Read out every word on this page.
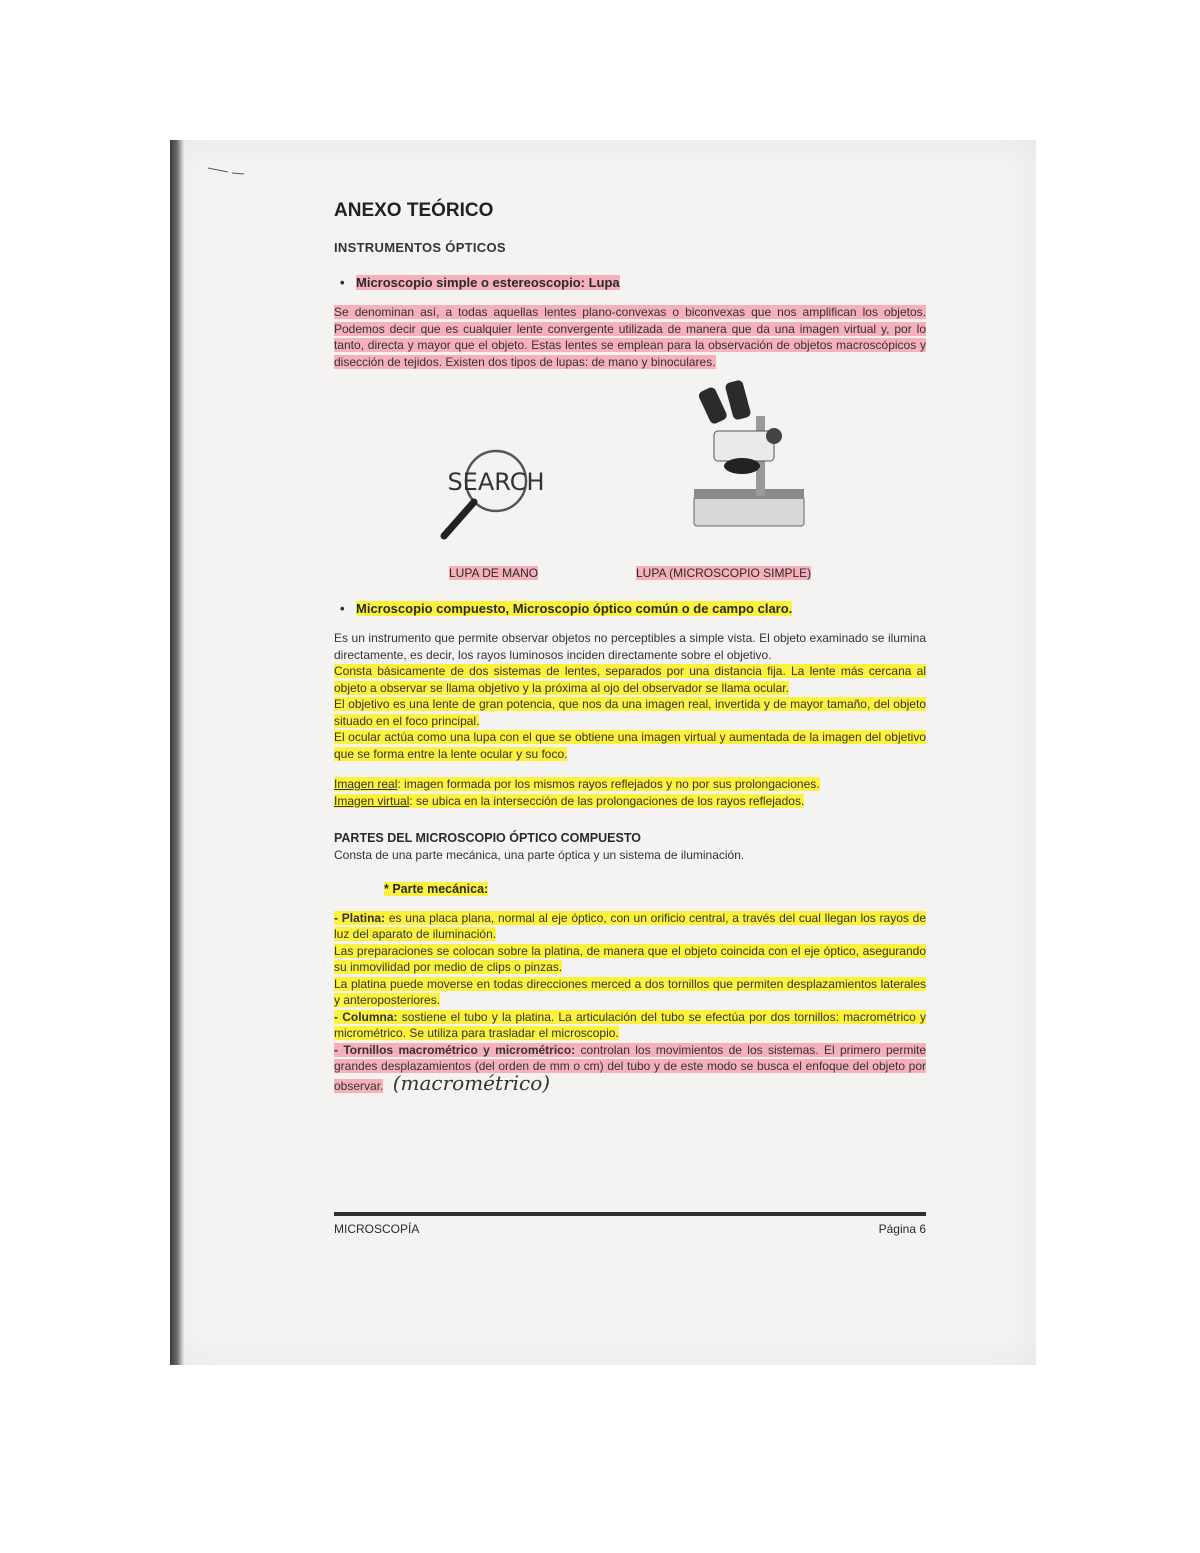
ANEXO TEÓRICO
INSTRUMENTOS ÓPTICOS
• Microscopio simple o estereoscopio: Lupa
Se denominan así, a todas aquellas lentes plano-convexas o biconvexas que nos amplifican los objetos. Podemos decir que es cualquier lente convergente utilizada de manera que da una imagen virtual y, por lo tanto, directa y mayor que el objeto. Estas lentes se emplean para la observación de objetos macroscópicos y disección de tejidos. Existen dos tipos de lupas: de mano y binoculares.
SEARCH
LUPA DE MANO	LUPA (MICROSCOPIO SIMPLE)
• Microscopio compuesto, Microscopio óptico común o de campo claro.
Es un instrumento que permite observar objetos no perceptibles a simple vista. El objeto examinado se ilumina directamente, es decir, los rayos luminosos inciden directamente sobre el objetivo.
Consta básicamente de dos sistemas de lentes, separados por una distancia fija. La lente más cercana al objeto a observar se llama objetivo y la próxima al ojo del observador se llama ocular.
El objetivo es una lente de gran potencia, que nos da una imagen real, invertida y de mayor tamaño, del objeto situado en el foco principal.
El ocular actúa como una lupa con el que se obtiene una imagen virtual y aumentada de la imagen del objetivo que se forma entre la lente ocular y su foco.
Imagen real: imagen formada por los mismos rayos reflejados y no por sus prolongaciones.
Imagen virtual: se ubica en la intersección de las prolongaciones de los rayos reflejados.
PARTES DEL MICROSCOPIO ÓPTICO COMPUESTO
Consta de una parte mecánica, una parte óptica y un sistema de iluminación.
* Parte mecánica:
- Platina: es una placa plana, normal al eje óptico, con un orificio central, a través del cual llegan los rayos de luz del aparato de iluminación.
Las preparaciones se colocan sobre la platina, de manera que el objeto coincida con el eje óptico, asegurando su inmovilidad por medio de clips o pinzas.
La platina puede moverse en todas direcciones merced a dos tornillos que permiten desplazamientos laterales y anteroposteriores.
- Columna: sostiene el tubo y la platina. La articulación del tubo se efectúa por dos tornillos: macrométrico y micrométrico. Se utiliza para trasladar el microscopio.
- Tornillos macrométrico y micrométrico: controlan los movimientos de los sistemas. El primero permite grandes desplazamientos (del orden de mm o cm) del tubo y de este modo se busca el enfoque del objeto por observar. (macrométrico)
MICROSCOPÍA	Página 6
